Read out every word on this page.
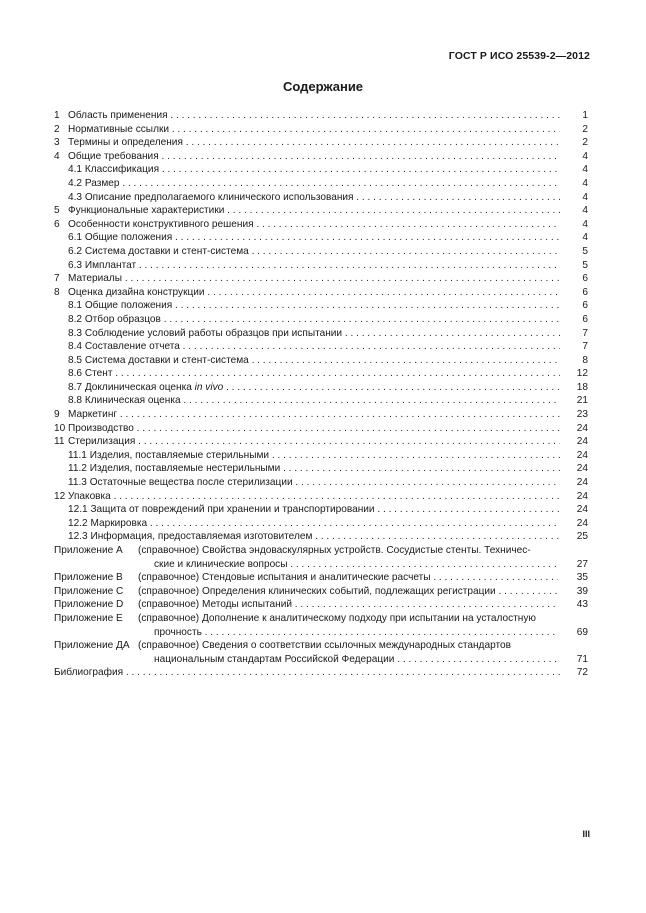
ГОСТ Р ИСО 25539-2—2012
Содержание
1 Область применения . . .	1
2 Нормативные ссылки . . .	2
3 Термины и определения . . .	2
4 Общие требования . . .	4
4.1 Классификация . . .	4
4.2 Размер . . .	4
4.3 Описание предполагаемого клинического использования . . .	4
5 Функциональные характеристики . . .	4
6 Особенности конструктивного решения . . .	4
6.1 Общие положения . . .	4
6.2 Система доставки и стент-система . . .	5
6.3 Имплантат . . .	5
7 Материалы . . .	6
8 Оценка дизайна конструкции . . .	6
8.1 Общие положения . . .	6
8.2 Отбор образцов . . .	6
8.3 Соблюдение условий работы образцов при испытании . . .	7
8.4 Составление отчета . . .	7
8.5 Система доставки и стент-система . . .	8
8.6 Стент . . .	12
8.7 Доклиническая оценка in vivo . . .	18
8.8 Клиническая оценка . . .	21
9 Маркетинг . . .	23
10 Производство . . .	24
11 Стерилизация . . .	24
11.1 Изделия, поставляемые стерильными . . .	24
11.2 Изделия, поставляемые нестерильными . . .	24
11.3 Остаточные вещества после стерилизации . . .	24
12 Упаковка . . .	24
12.1 Защита от повреждений при хранении и транспортировании . . .	24
12.2 Маркировка . . .	24
12.3 Информация, предоставляемая изготовителем . . .	25
Приложение А (справочное) Свойства эндоваскулярных устройств. Сосудистые стенты. Техничес-
ские и клинические вопросы . . .	27
Приложение В (справочное) Стендовые испытания и аналитические расчеты . . .	35
Приложение С (справочное) Определения клинических событий, подлежащих регистрации . . .	39
Приложение D (справочное) Методы испытаний . . .	43
Приложение Е (справочное) Дополнение к аналитическому подходу при испытании на усталостную
прочность . . .	69
Приложение ДА (справочное) Сведения о соответствии ссылочных международных стандартов
национальным стандартам Российской Федерации . . .	71
Библиография . . .	72
III
